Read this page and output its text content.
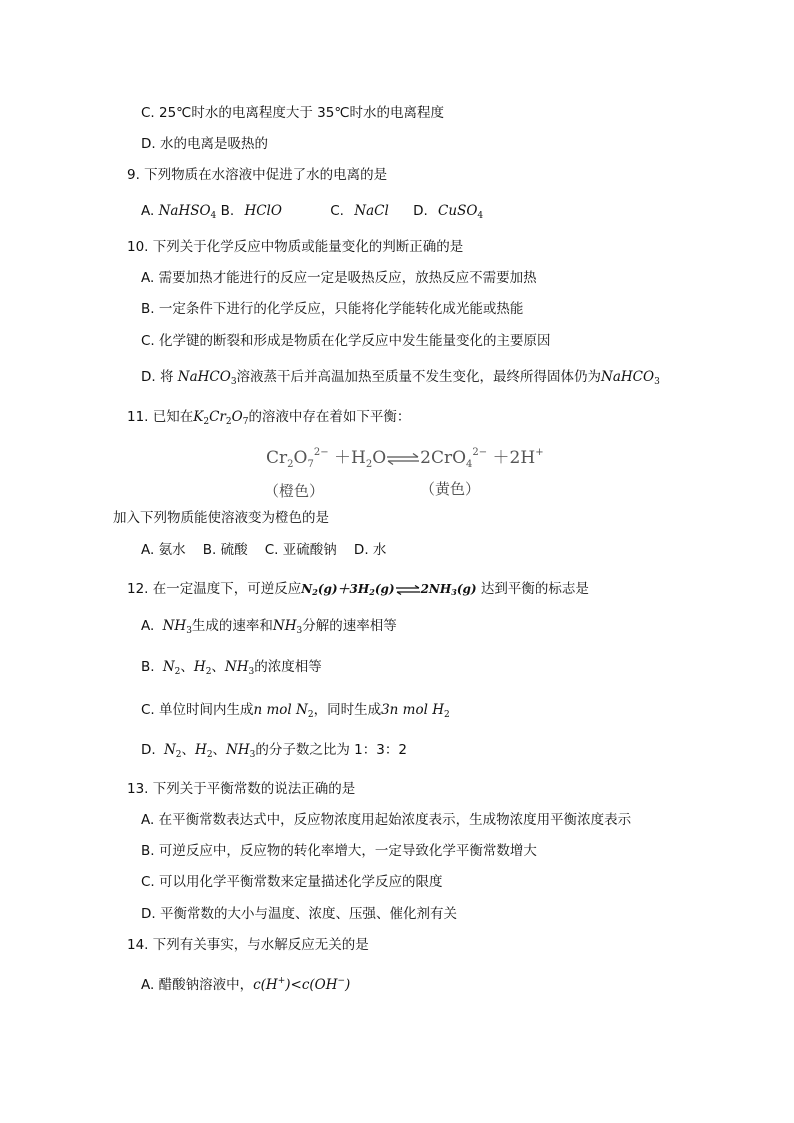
C. 25℃时水的电离程度大于 35℃时水的电离程度
D. 水的电离是吸热的
9. 下列物质在水溶液中促进了水的电离的是
A. NaHSO$_4$ B. HClO	C. NaCl D. CuSO$_4$
10. 下列关于化学反应中物质或能量变化的判断正确的是
A. 需要加热才能进行的反应一定是吸热反应，放热反应不需要加热
B. 一定条件下进行的化学反应，只能将化学能转化成光能或热能
C. 化学键的断裂和形成是物质在化学反应中发生能量变化的主要原因
D. 将 NaHCO$_3$溶液蒸干后并高温加热至质量不发生变化，最终所得固体仍为NaHCO$_3$
11. 已知在$K_2Cr_2O_7$的溶液中存在着如下平衡：
$Cr_2O_7^{2-}$ $+H_2O\rightleftharpoons 2CrO_4^{2-} +2H^+$
（橙色）	（黄色）
加入下列物质能使溶液变为橙色的是
A. 氨水    B. 硫酸    C. 亚硫酸钠    D. 水
12. 在一定温度下，可逆反应$N_2(g)+3H_2(g)\rightleftharpoons 2NH_3(g)$ 达到平衡的标志是
A. $NH_3$生成的速率和$NH_3$分解的速率相等
B. $N_2$、$H_2$、$NH_3$的浓度相等
C. 单位时间内生成n mol $N_2$，同时生成3n mol $H_2$
D. $N_2$、$H_2$、$NH_3$的分子数之比为 1：3：2
13. 下列关于平衡常数的说法正确的是
A. 在平衡常数表达式中，反应物浓度用起始浓度表示，生成物浓度用平衡浓度表示
B. 可逆反应中，反应物的转化率增大，一定导致化学平衡常数增大
C. 可以用化学平衡常数来定量描述化学反应的限度
D. 平衡常数的大小与温度、浓度、压强、催化剂有关
14. 下列有关事实，与水解反应无关的是
A. 醋酸钠溶液中，c(H+)<c(OH−)
